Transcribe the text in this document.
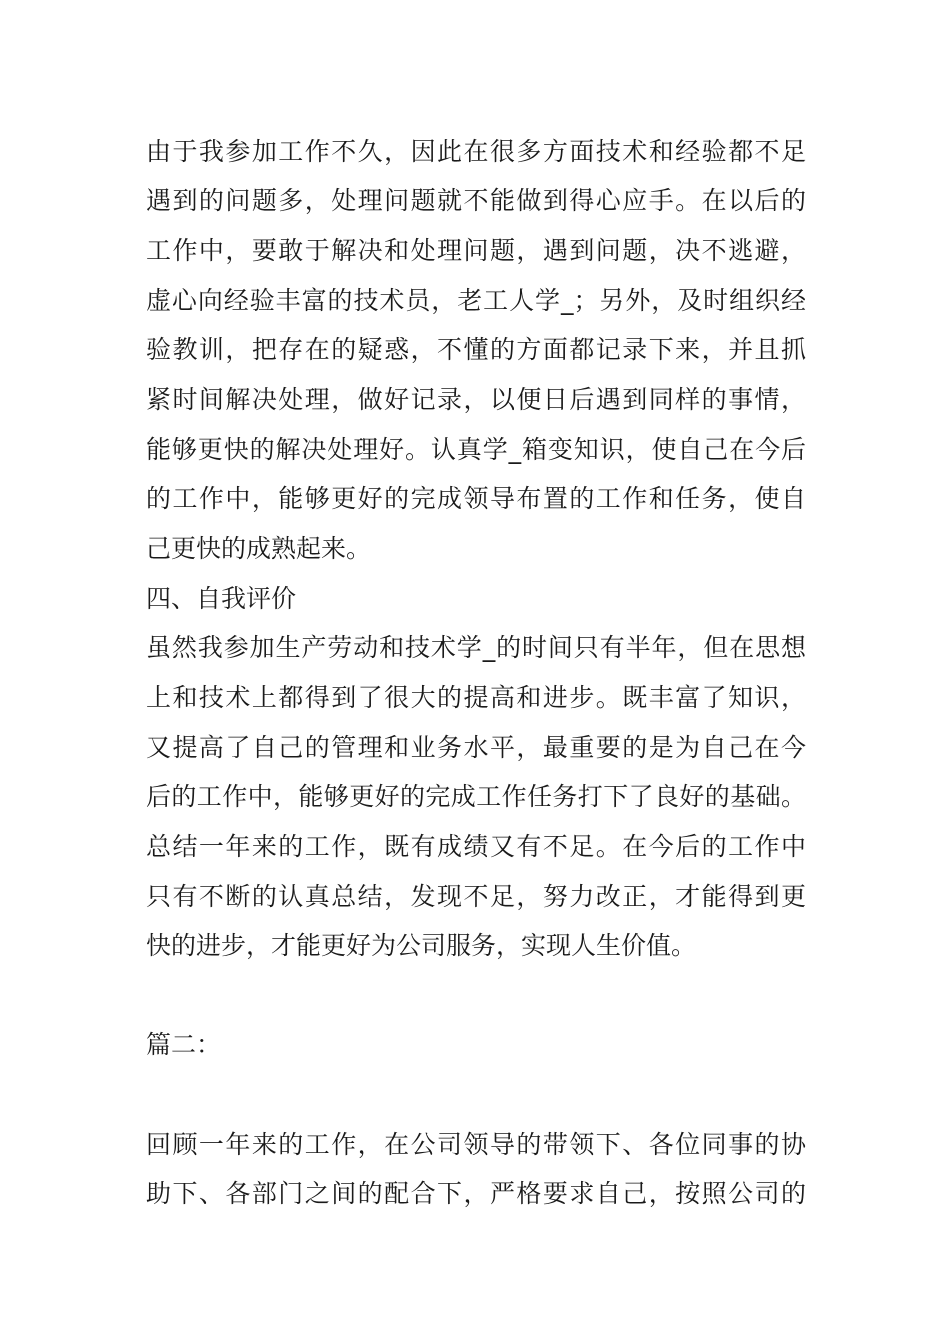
由于我参加工作不久，因此在很多方面技术和经验都不足
遇到的问题多，处理问题就不能做到得心应手。在以后的
工作中，要敢于解决和处理问题，遇到问题，决不逃避，
虚心向经验丰富的技术员，老工人学_；另外，及时组织经
验教训，把存在的疑惑，不懂的方面都记录下来，并且抓
紧时间解决处理，做好记录，以便日后遇到同样的事情，
能够更快的解决处理好。认真学_箱变知识，使自己在今后
的工作中，能够更好的完成领导布置的工作和任务，使自
己更快的成熟起来。
四、自我评价
虽然我参加生产劳动和技术学_的时间只有半年，但在思想
上和技术上都得到了很大的提高和进步。既丰富了知识，
又提高了自己的管理和业务水平，最重要的是为自己在今
后的工作中，能够更好的完成工作任务打下了良好的基础。
总结一年来的工作，既有成绩又有不足。在今后的工作中
只有不断的认真总结，发现不足，努力改正，才能得到更
快的进步，才能更好为公司服务，实现人生价值。
篇二：
回顾一年来的工作，在公司领导的带领下、各位同事的协
助下、各部门之间的配合下，严格要求自己，按照公司的
